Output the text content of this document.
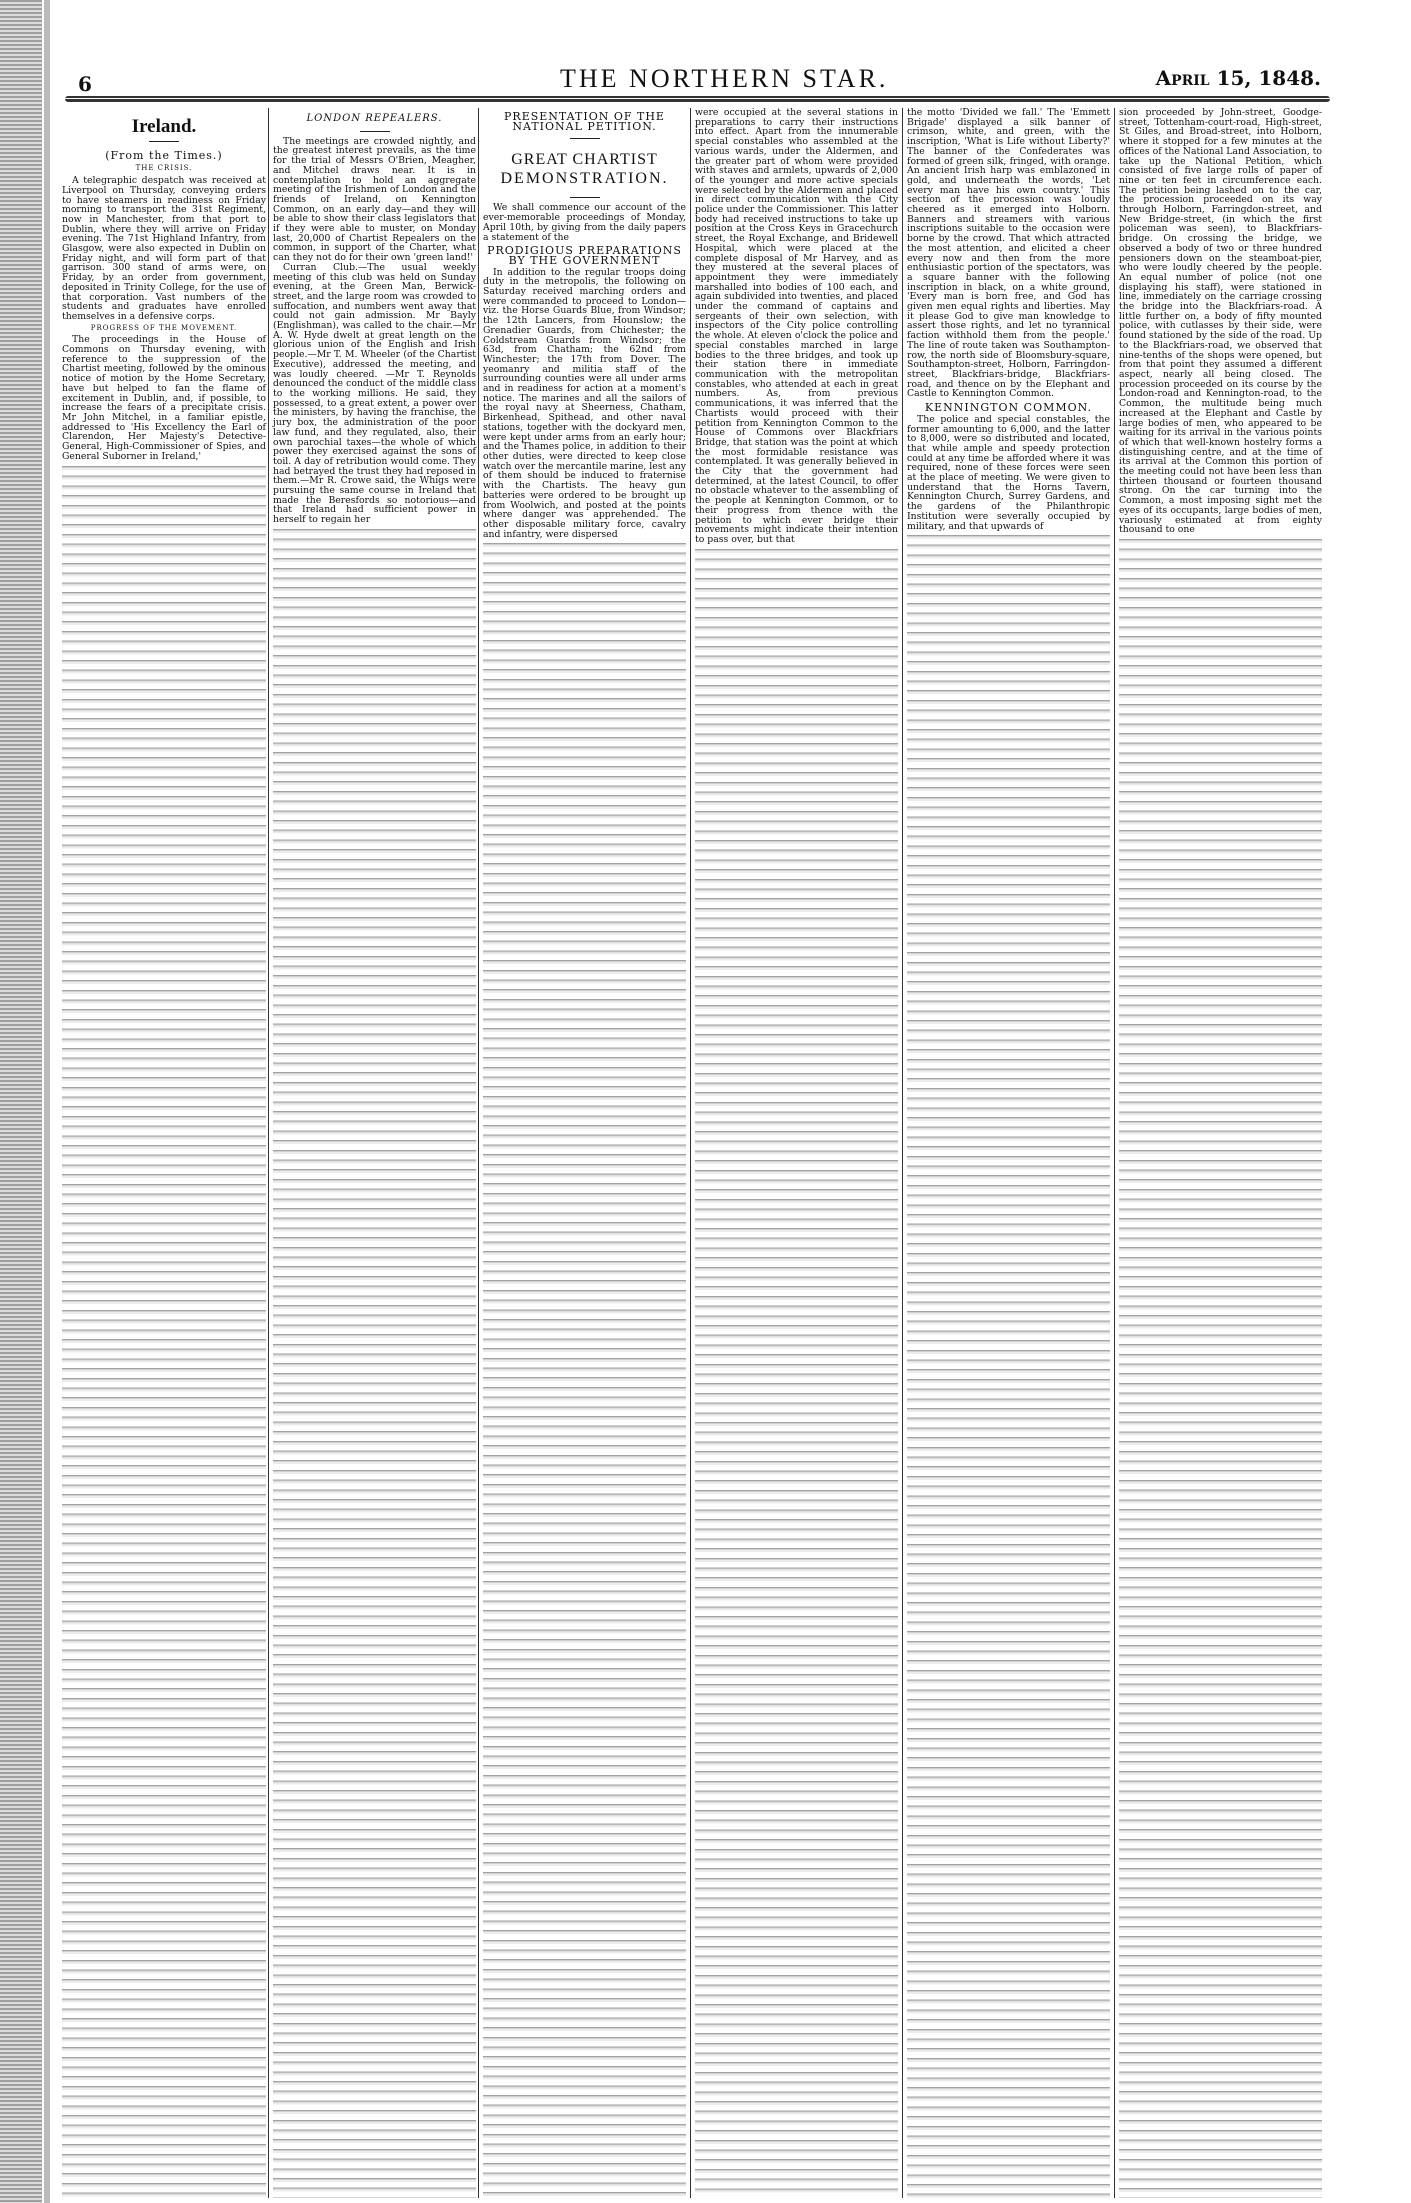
6	THE NORTHERN STAR.	April 15, 1848.
Ireland.
(From the Times.)
THE CRISIS.

A telegraphic despatch was received at Liverpool on Thursday, conveying orders to have steamers in readiness on Friday morning to transport the 31st Regiment, now in Manchester, from that port to Dublin, where they will arrive on Friday evening. The 71st Highland Infantry, from Glasgow, were also expected in Dublin on Friday night, and will form part of that garrison. 300 stand of arms were, on Friday, by an order from government, deposited in Trinity College, for the use of that corporation. Vast numbers of the students and graduates have enrolled themselves in a defensive corps.

PROGRESS OF THE MOVEMENT.

The proceedings in the House of Commons on Thursday evening, with reference to the suppression of the Chartist meeting, followed by the ominous notice of motion by the Home Secretary, have but helped to fan the flame of excitement in Dublin, and, if possible, to increase the fears of a precipitate crisis. Mr John Mitchel, in a familiar epistle, addressed to 'His Excellency the Earl of Clarendon, Her Majesty's Detective-General, High-Commissioner of Spies, and General Suborner in Ireland,'

LONDON REPEALERS.

The meetings are crowded nightly, and the greatest interest prevails, as the time for the trial of Messrs O'Brien, Meagher, and Mitchel draws near. It is in contemplation to hold an aggregate meeting of the Irishmen of London and the friends of Ireland, on Kennington Common, on an early day—and they will be able to show their class legislators that if they were able to muster, on Monday last, 20,000 of Chartist Repealers on the common, in support of the Charter, what can they not do for their own 'green land!'

Curran Club.—The usual weekly meeting of this club was held on Sunday evening, at the Green Man, Berwick-street, and the large room was crowded to suffocation, and numbers went away that could not gain admission. Mr Bayly (Englishman), was called to the chair.—Mr A. W. Hyde dwelt at great length on the glorious union of the English and Irish people.—Mr T. M. Wheeler (of the Chartist Executive), addressed the meeting, and was loudly cheered. —Mr T. Reynolds denounced the conduct of the middle class to the working millions. He said, they possessed, to a great extent, a power over the ministers, by having the franchise, the jury box, the administration of the poor law fund, and they regulated, also, their own parochial taxes—the whole of which power they exercised against the sons of toil. A day of retribution would come. They had betrayed the trust they had reposed in them.—Mr R. Crowe said, the Whigs were pursuing the same course in Ireland that made the Beresfords so notorious—and that Ireland had sufficient power in herself to regain her

PRESENTATION OF THE NATIONAL PETITION.
GREAT CHARTIST
DEMONSTRATION.

We shall commence our account of the ever-memorable proceedings of Monday, April 10th, by giving from the daily papers a statement of the

PRODIGIOUS PREPARATIONS BY THE GOVERNMENT

In addition to the regular troops doing duty in the metropolis, the following on Saturday received marching orders and were commanded to proceed to London—viz. the Horse Guards Blue, from Windsor; the 12th Lancers, from Hounslow; the Grenadier Guards, from Chichester; the Coldstream Guards from Windsor; the 63d, from Chatham; the 62nd from Winchester; the 17th from Dover. The yeomanry and militia staff of the surrounding counties were all under arms and in readiness for action at a moment's notice. The marines and all the sailors of the royal navy at Sheerness, Chatham, Birkenhead, Spithead, and other naval stations, together with the dockyard men, were kept under arms from an early hour; and the Thames police, in addition to their other duties, were directed to keep close watch over the mercantile marine, lest any of them should be induced to fraternise with the Chartists. The heavy gun batteries were ordered to be brought up from Woolwich, and posted at the points where danger was apprehended. The other disposable military force, cavalry and infantry, were dispersed

were occupied at the several stations in preparations to carry their instructions into effect. Apart from the innumerable special constables who assembled at the various wards, under the Aldermen, and the greater part of whom were provided with staves and armlets, upwards of 2,000 of the younger and more active specials were selected by the Aldermen and placed in direct communication with the City police under the Commissioner. This latter body had received instructions to take up position at the Cross Keys in Gracechurch street, the Royal Exchange, and Bridewell Hospital, which were placed at the complete disposal of Mr Harvey, and as they mustered at the several places of appointment they were immediately marshalled into bodies of 100 each, and again subdivided into twenties, and placed under the command of captains and sergeants of their own selection, with inspectors of the City police controlling the whole. At eleven o'clock the police and special constables marched in large bodies to the three bridges, and took up their station there in immediate communication with the metropolitan constables, who attended at each in great numbers. As, from previous communications, it was inferred that the Chartists would proceed with their petition from Kennington Common to the House of Commons over Blackfriars Bridge, that station was the point at which the most formidable resistance was contemplated. It was generally believed in the City that the government had determined, at the latest Council, to offer no obstacle whatever to the assembling of the people at Kennington Common, or to their progress from thence with the petition to which ever bridge their movements might indicate their intention to pass over, but that

the motto 'Divided we fall.' The 'Emmett Brigade' displayed a silk banner of crimson, white, and green, with the inscription, 'What is Life without Liberty?' The banner of the Confederates was formed of green silk, fringed, with orange. An ancient Irish harp was emblazoned in gold, and underneath the words, 'Let every man have his own country.' This section of the procession was loudly cheered as it emerged into Holborn. Banners and streamers with various inscriptions suitable to the occasion were borne by the crowd. That which attracted the most attention, and elicited a cheer every now and then from the more enthusiastic portion of the spectators, was a square banner with the following inscription in black, on a white ground, 'Every man is born free, and God has given men equal rights and liberties. May it please God to give man knowledge to assert those rights, and let no tyrannical faction withhold them from the people.' The line of route taken was Southampton-row, the north side of Bloomsbury-square, Southampton-street, Holborn, Farringdon-street, Blackfriars-bridge, Blackfriars-road, and thence on by the Elephant and Castle to Kennington Common.

KENNINGTON COMMON.

The police and special constables, the former amounting to 6,000, and the latter to 8,000, were so distributed and located, that while ample and speedy protection could at any time be afforded where it was required, none of these forces were seen at the place of meeting. We were given to understand that the Horns Tavern, Kennington Church, Surrey Gardens, and the gardens of the Philanthropic Institution were severally occupied by military, and that upwards of

sion proceeded by John-street, Goodge-street, Tottenham-court-road, High-street, St Giles, and Broad-street, into Holborn, where it stopped for a few minutes at the offices of the National Land Association, to take up the National Petition, which consisted of five large rolls of paper of nine or ten feet in circumference each. The petition being lashed on to the car, the procession proceeded on its way through Holborn, Farringdon-street, and New Bridge-street, (in which the first policeman was seen), to Blackfriars-bridge. On crossing the bridge, we observed a body of two or three hundred pensioners down on the steamboat-pier, who were loudly cheered by the people. An equal number of police (not one displaying his staff), were stationed in line, immediately on the carriage crossing the bridge into the Blackfriars-road. A little further on, a body of fifty mounted police, with cutlasses by their side, were found stationed by the side of the road. Up to the Blackfriars-road, we observed that nine-tenths of the shops were opened, but from that point they assumed a different aspect, nearly all being closed. The procession proceeded on its course by the London-road and Kennington-road, to the Common, the multitude being much increased at the Elephant and Castle by large bodies of men, who appeared to be waiting for its arrival in the various points of which that well-known hostelry forms a distinguishing centre, and at the time of its arrival at the Common this portion of the meeting could not have been less than thirteen thousand or fourteen thousand strong. On the car turning into the Common, a most imposing sight met the eyes of its occupants, large bodies of men, variously estimated at from eighty thousand to one
